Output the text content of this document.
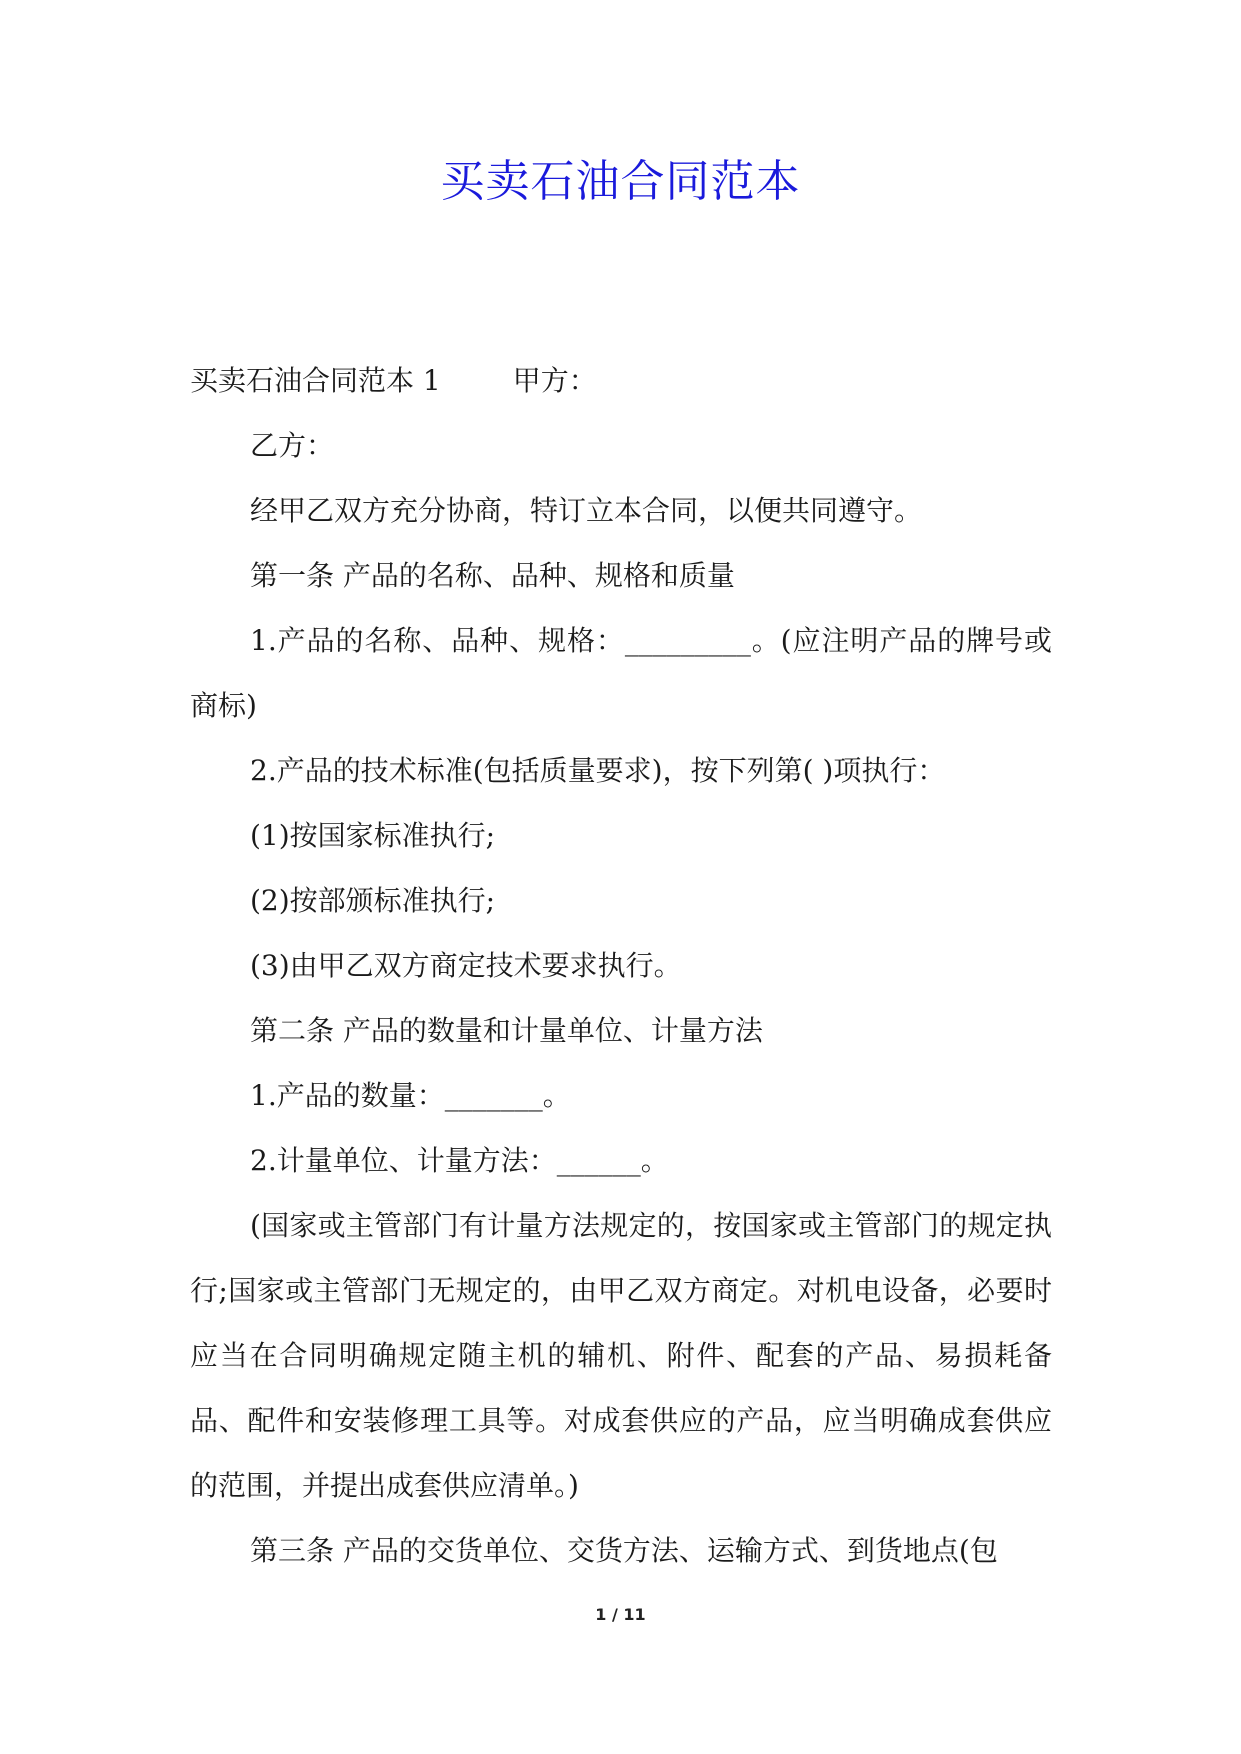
买卖石油合同范本

买卖石油合同范本 1	甲方：

乙方：

经甲乙双方充分协商，特订立本合同，以便共同遵守。

第一条 产品的名称、品种、规格和质量

1.产品的名称、品种、规格：_________。(应注明产品的牌号或商标)

2.产品的技术标准(包括质量要求)，按下列第( )项执行：

(1)按国家标准执行;

(2)按部颁标准执行;

(3)由甲乙双方商定技术要求执行。

第二条 产品的数量和计量单位、计量方法

1.产品的数量：_______。

2.计量单位、计量方法：______。

(国家或主管部门有计量方法规定的，按国家或主管部门的规定执行;国家或主管部门无规定的，由甲乙双方商定。对机电设备，必要时应当在合同明确规定随主机的辅机、附件、配套的产品、易损耗备品、配件和安装修理工具等。对成套供应的产品，应当明确成套供应的范围，并提出成套供应清单。)

第三条 产品的交货单位、交货方法、运输方式、到货地点(包

1 / 11
